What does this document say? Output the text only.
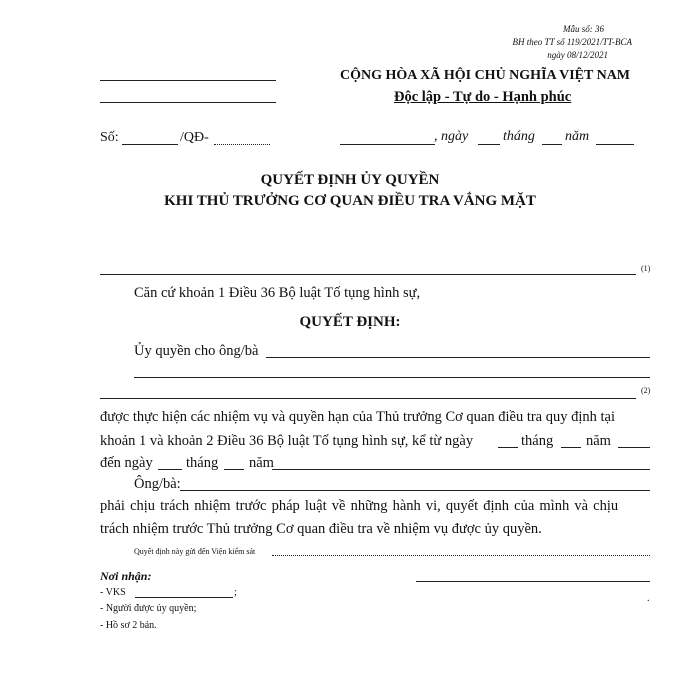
Mẫu số: 36
BH theo TT số 119/2021/TT-BCA
ngày 08/12/2021
CỘNG HÒA XÃ HỘI CHỦ NGHĨA VIỆT NAM
Độc lập - Tự do - Hạnh phúc
Số:	/QĐ-	, ngày tháng năm
QUYẾT ĐỊNH ỦY QUYỀN
KHI THỦ TRƯỞNG CƠ QUAN ĐIỀU TRA VẮNG MẶT
(1)
Căn cứ khoản 1 Điều 36 Bộ luật Tố tụng hình sự,
QUYẾT ĐỊNH:
Ủy quyền cho ông/bà
(2)
được thực hiện các nhiệm vụ và quyền hạn của Thủ trưởng Cơ quan điều tra quy định tại
khoản 1 và khoản 2 Điều 36 Bộ luật Tố tụng hình sự, kể từ ngày	tháng năm
đến ngày tháng năm
Ông/bà:
phải chịu trách nhiệm trước pháp luật về những hành vi, quyết định của mình và chịu
trách nhiệm trước Thủ trưởng Cơ quan điều tra về nhiệm vụ được ủy quyền.
Quyết định này gửi đến Viện kiểm sát
Nơi nhận:
- VKS	;
- Người được ủy quyền;
- Hồ sơ 2 bản.
.
